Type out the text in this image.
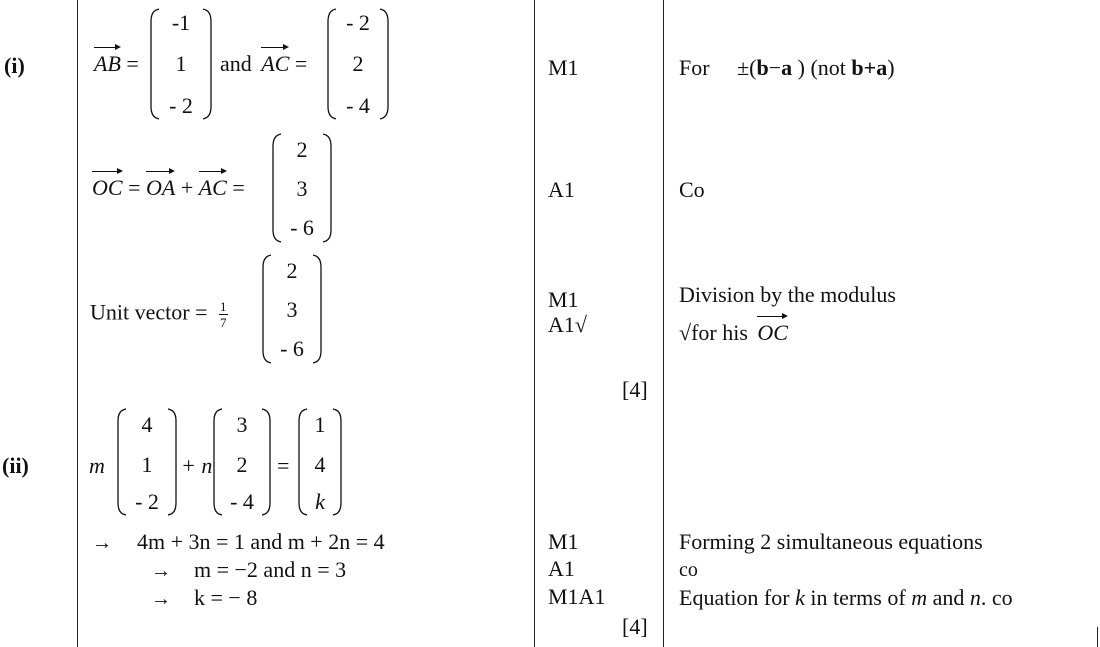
(i)
(ii)
AB =
-1
1
- 2
and AC =
- 2
2
- 4
OC = OA + AC =
2
3
- 6
Unit vector = $\frac{1}{7}$
2
3
- 6
m
4
1
- 2
+ n
3
2
- 4
=
1
4
k
→ 4m + 3n = 1 and m + 2n = 4
→ m = −2 and n = 3
→ k = − 8
M1
A1
M1
A1√
[4]
M1
A1
M1A1
[4]
For ±(b−a ) (not b+a)
Co
Division by the modulus
√for his OC
Forming 2 simultaneous equations
co
Equation for k in terms of m and n. co
